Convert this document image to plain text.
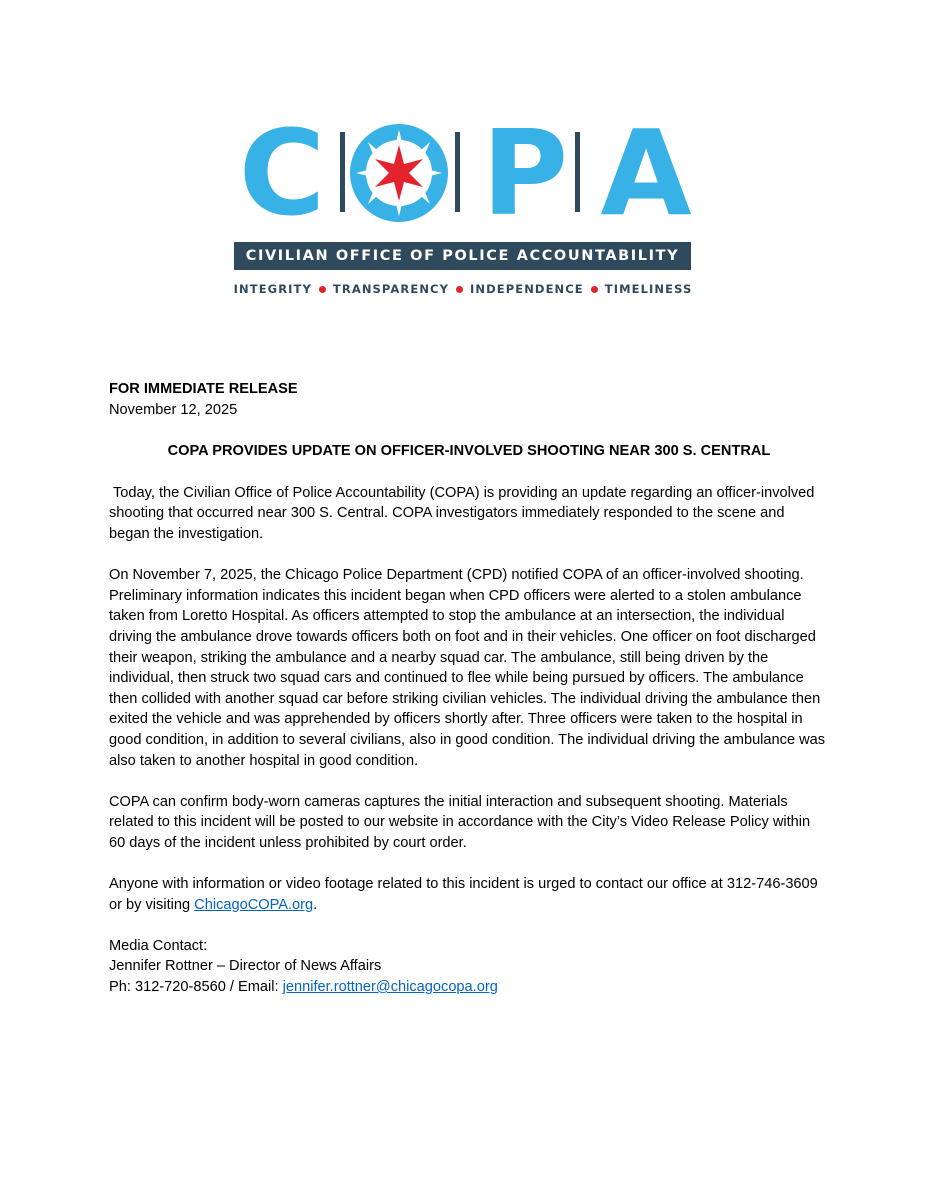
C P A
CIVILIAN OFFICE OF POLICE ACCOUNTABILITY
INTEGRITY TRANSPARENCY INDEPENDENCE TIMELINESS

FOR IMMEDIATE RELEASE

November 12, 2025

COPA PROVIDES UPDATE ON OFFICER-INVOLVED SHOOTING NEAR 300 S. CENTRAL

Today, the Civilian Office of Police Accountability (COPA) is providing an update regarding an officer-involved shooting that occurred near 300 S. Central. COPA investigators immediately responded to the scene and began the investigation.

On November 7, 2025, the Chicago Police Department (CPD) notified COPA of an officer-involved shooting. Preliminary information indicates this incident began when CPD officers were alerted to a stolen ambulance taken from Loretto Hospital. As officers attempted to stop the ambulance at an intersection, the individual driving the ambulance drove towards officers both on foot and in their vehicles. One officer on foot discharged their weapon, striking the ambulance and a nearby squad car. The ambulance, still being driven by the individual, then struck two squad cars and continued to flee while being pursued by officers. The ambulance then collided with another squad car before striking civilian vehicles. The individual driving the ambulance then exited the vehicle and was apprehended by officers shortly after. Three officers were taken to the hospital in good condition, in addition to several civilians, also in good condition. The individual driving the ambulance was also taken to another hospital in good condition.

COPA can confirm body-worn cameras captures the initial interaction and subsequent shooting. Materials related to this incident will be posted to our website in accordance with the City’s Video Release Policy within 60 days of the incident unless prohibited by court order.

Anyone with information or video footage related to this incident is urged to contact our office at 312-746-3609 or by visiting ChicagoCOPA.org.

Media Contact:

Jennifer Rottner – Director of News Affairs

Ph: 312-720-8560 / Email: jennifer.rottner@chicagocopa.org
